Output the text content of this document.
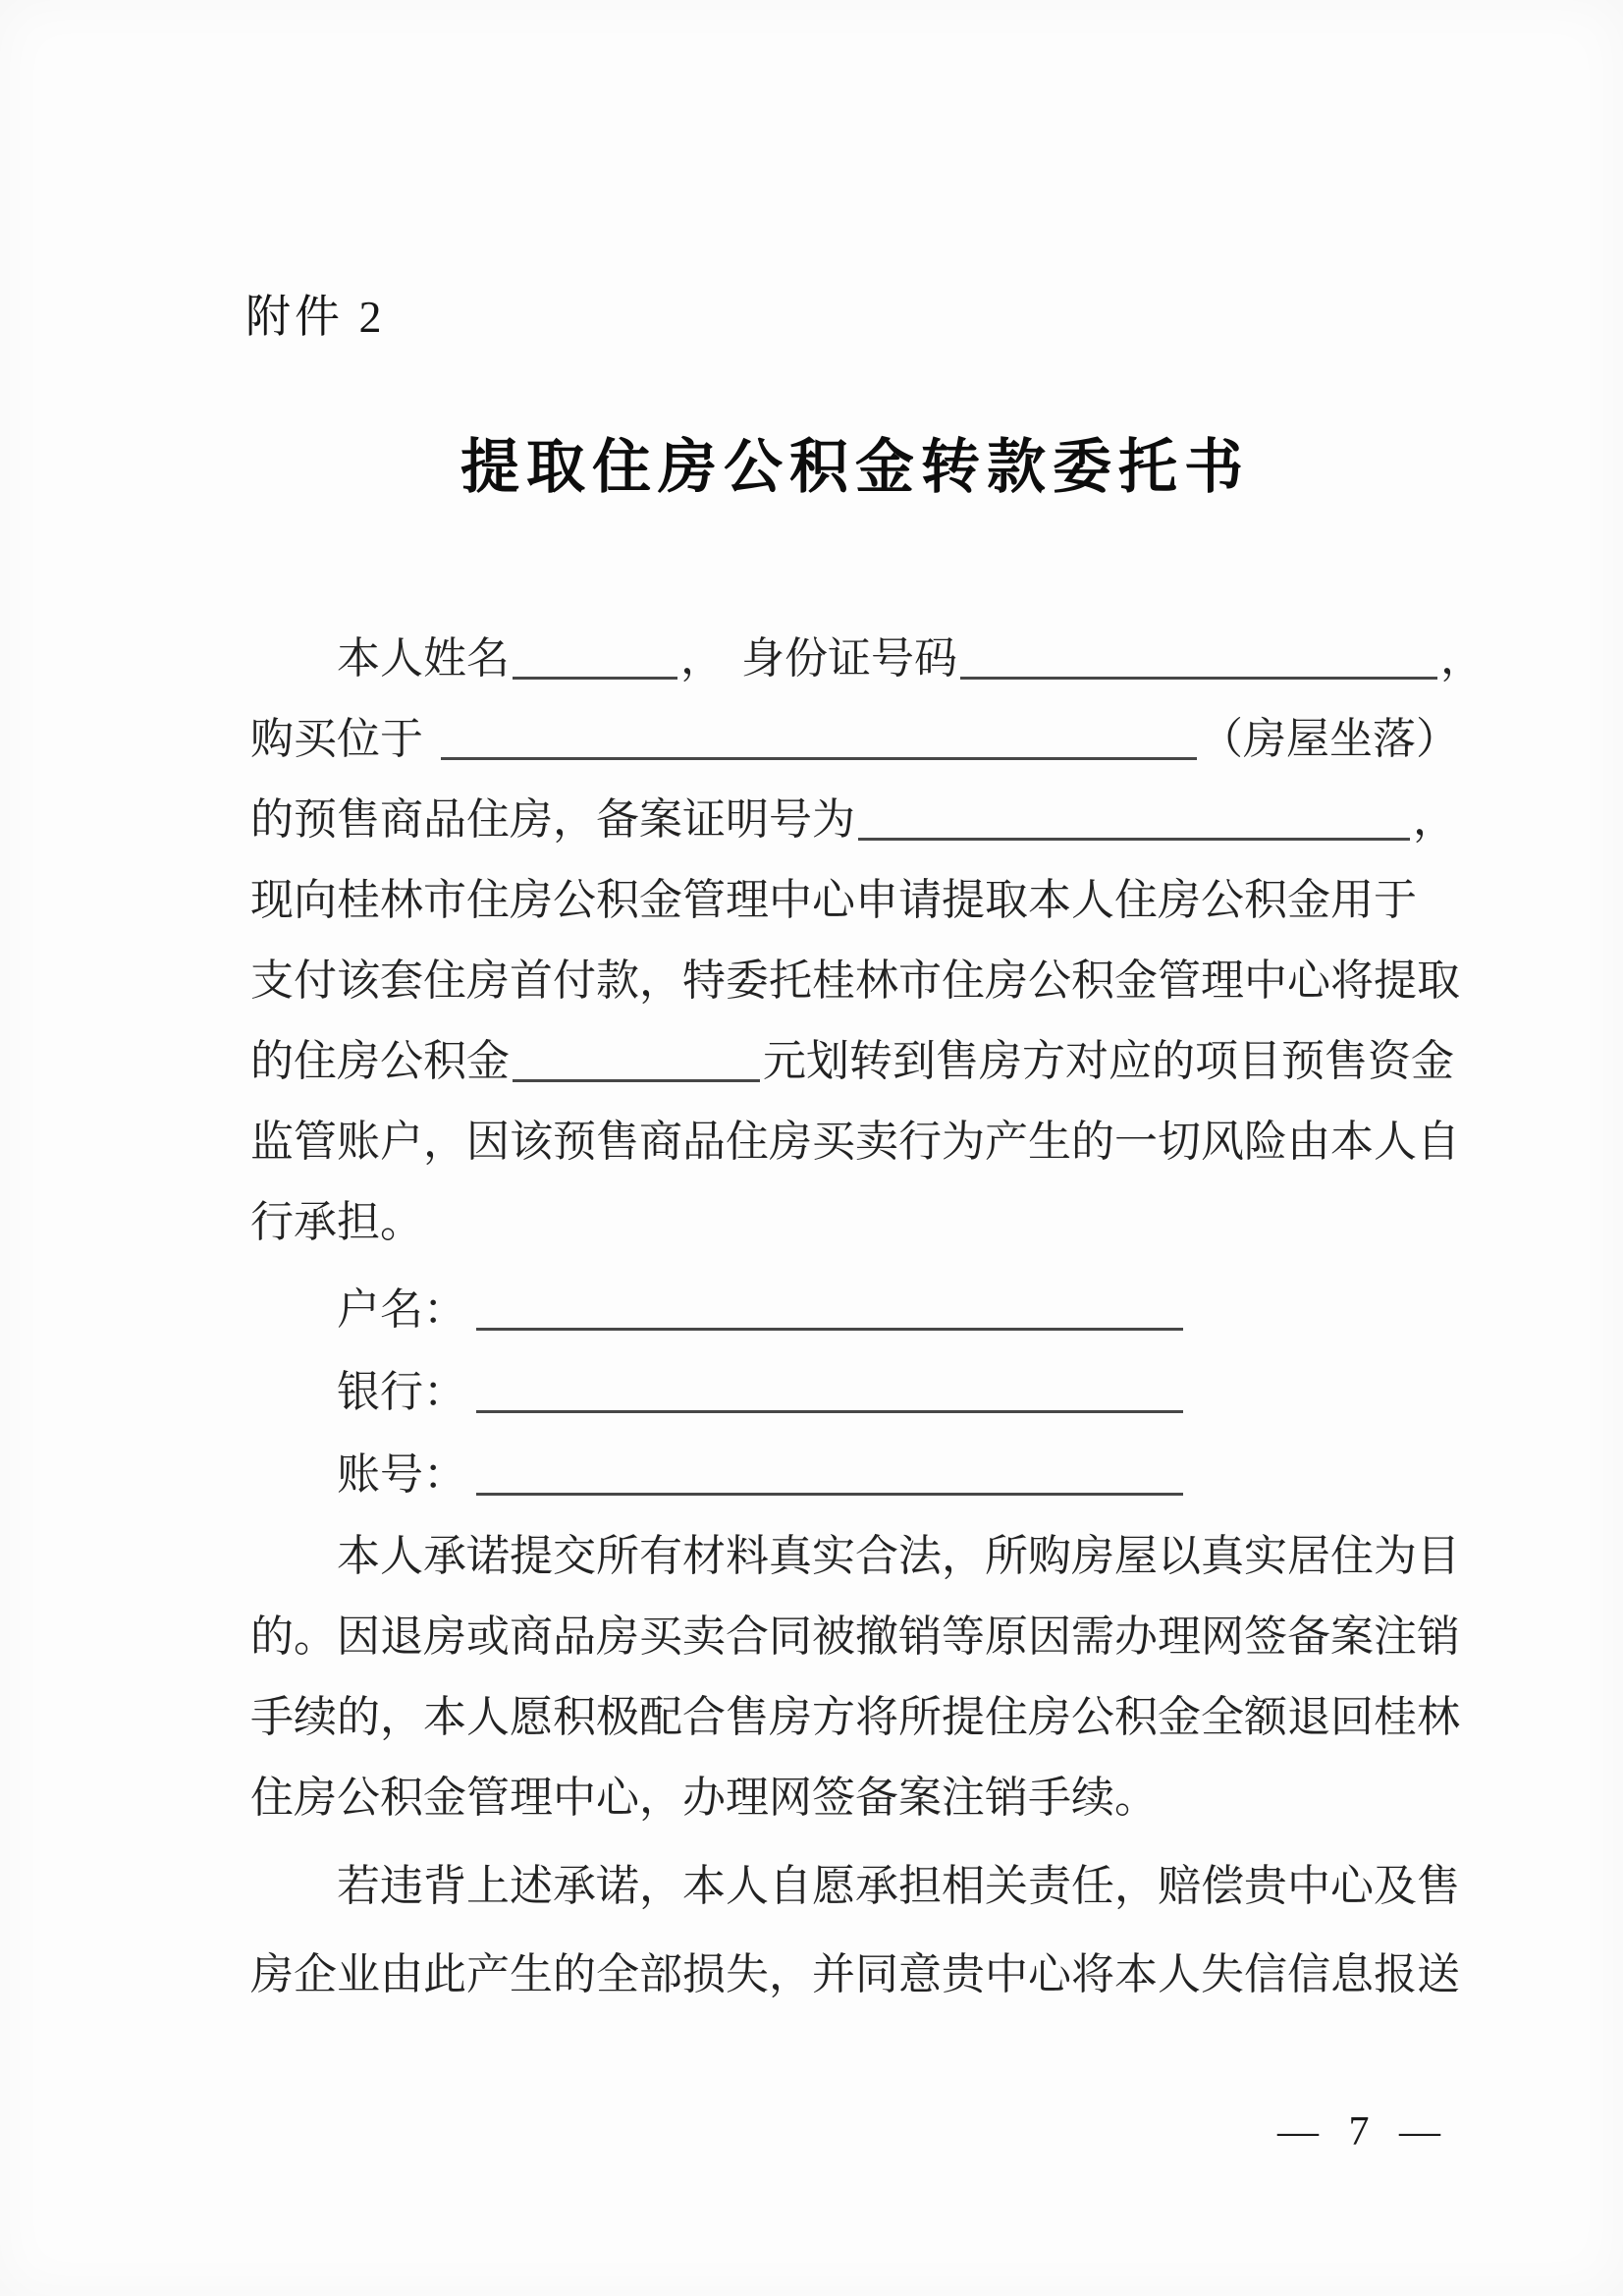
附件 2
提取住房公积金转款委托书
本人姓名	， 身份证号码	，
购买位于	（房屋坐落）
的预售商品住房，备案证明号为	，
现向桂林市住房公积金管理中心申请提取本人住房公积金用于
支付该套住房首付款，特委托桂林市住房公积金管理中心将提取
的住房公积金	元划转到售房方对应的项目预售资金
监管账户，因该预售商品住房买卖行为产生的一切风险由本人自
行承担。
户名：
银行：
账号：
本人承诺提交所有材料真实合法，所购房屋以真实居住为目
的。因退房或商品房买卖合同被撤销等原因需办理网签备案注销
手续的，本人愿积极配合售房方将所提住房公积金全额退回桂林
住房公积金管理中心，办理网签备案注销手续。
若违背上述承诺，本人自愿承担相关责任，赔偿贵中心及售
房企业由此产生的全部损失，并同意贵中心将本人失信信息报送
— 7 —
